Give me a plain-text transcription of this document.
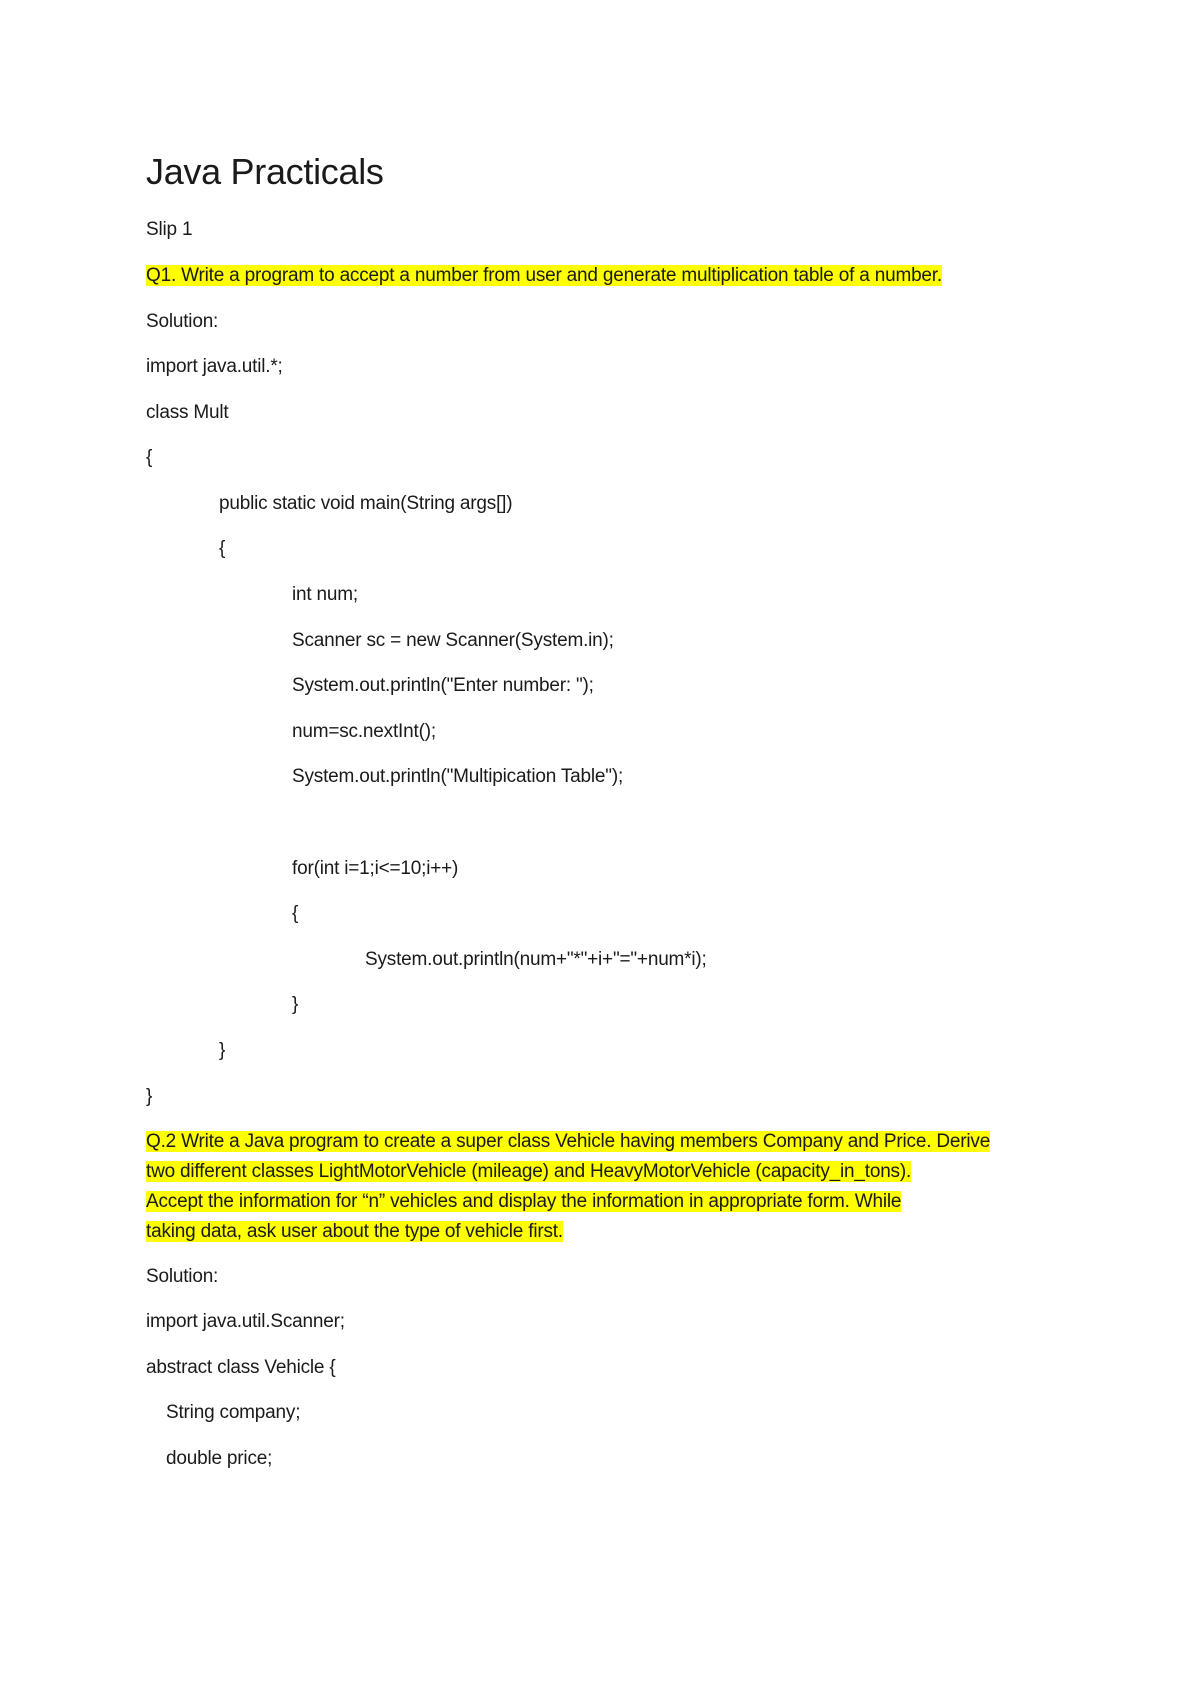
Java Practicals
Slip 1
Q1. Write a program to accept a number from user and generate multiplication table of a number.
Solution:
import java.util.*;
class Mult
{
public static void main(String args[])
{
int num;
Scanner sc = new Scanner(System.in);
System.out.println("Enter number: ");
num=sc.nextInt();
System.out.println("Multipication Table");
for(int i=1;i<=10;i++)
{
System.out.println(num+"*"+i+"="+num*i);
}
}
}
Q.2 Write a Java program to create a super class Vehicle having members Company and Price. Derive
two different classes LightMotorVehicle (mileage) and HeavyMotorVehicle (capacity_in_tons).
Accept the information for “n” vehicles and display the information in appropriate form. While
taking data, ask user about the type of vehicle first.
Solution:
import java.util.Scanner;
abstract class Vehicle {
String company;
double price;
